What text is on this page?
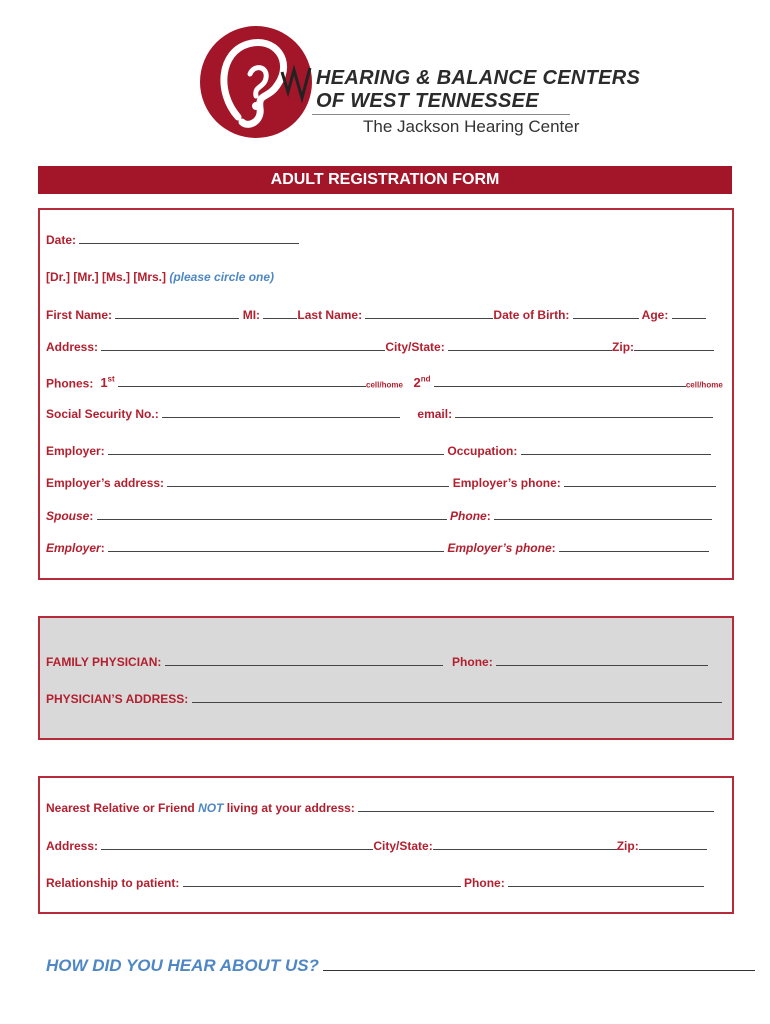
HEARING & BALANCE CENTERS
OF WEST TENNESSEE
The Jackson Hearing Center
ADULT REGISTRATION FORM
Date:
[Dr.] [Mr.] [Ms.] [Mrs.] (please circle one)
First Name:	MI:	Last Name:	Date of Birth:	Age:
Address:	City/State:	Zip:
Phones: 1st cell/home 2nd cell/home
Social Security No.:	email:
Employer:	Occupation:
Employer’s address:	Employer’s phone:
Spouse:	Phone:
Employer:	Employer’s phone:
FAMILY PHYSICIAN:	Phone:
PHYSICIAN’S ADDRESS:
Nearest Relative or Friend NOT living at your address:
Address:	City/State:	Zip:
Relationship to patient:	Phone:
HOW DID YOU HEAR ABOUT US?
